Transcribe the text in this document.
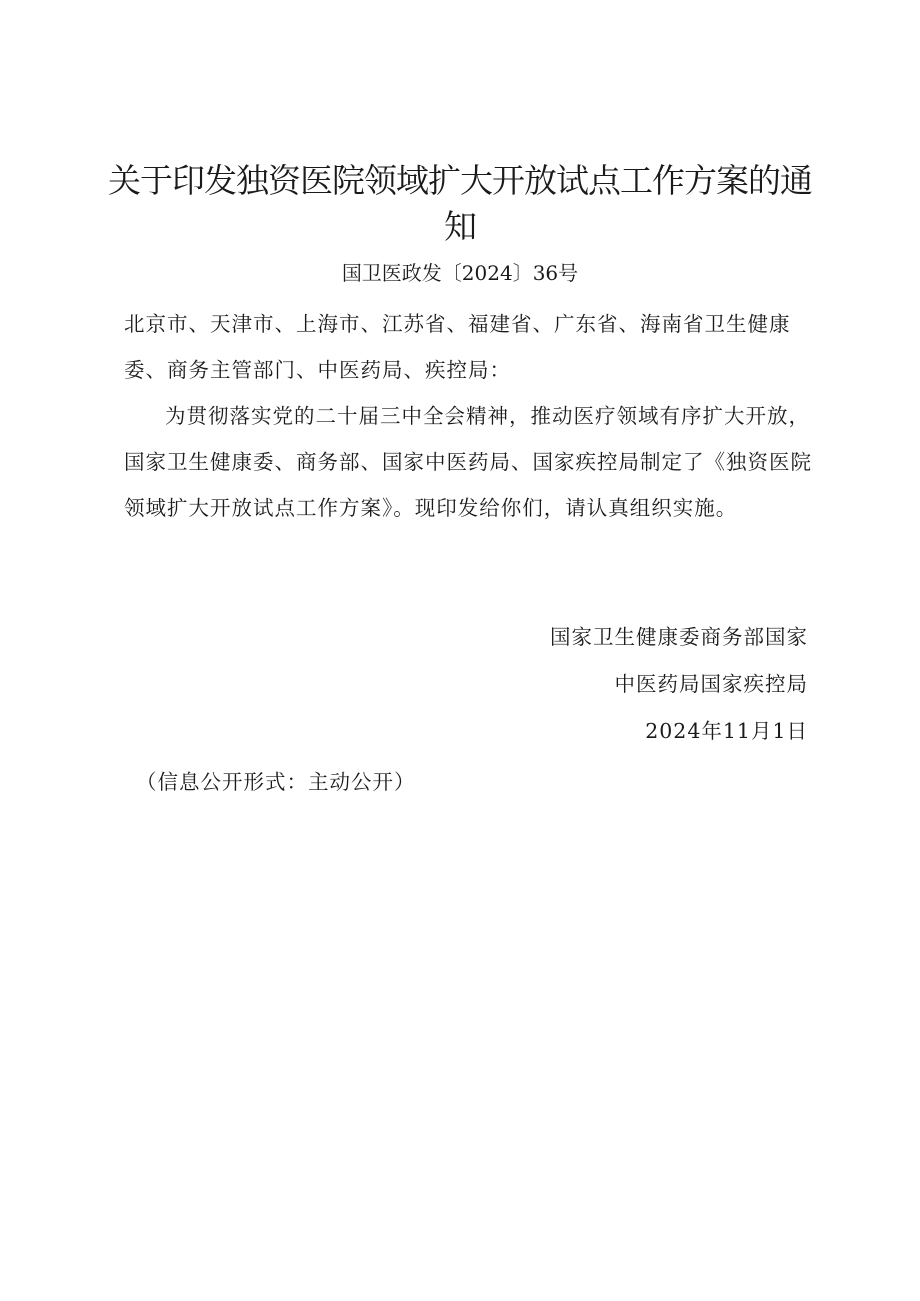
关于印发独资医院领域扩大开放试点工作方案的通知
国卫医政发〔2024〕36号

北京市、天津市、上海市、江苏省、福建省、广东省、海南省卫生健康委、商务主管部门、中医药局、疾控局：

为贯彻落实党的二十届三中全会精神，推动医疗领域有序扩大开放，国家卫生健康委、商务部、国家中医药局、国家疾控局制定了《独资医院领域扩大开放试点工作方案》。现印发给你们，请认真组织实施。

国家卫生健康委商务部国家
中医药局国家疾控局
2024年11月1日
（信息公开形式：主动公开）
